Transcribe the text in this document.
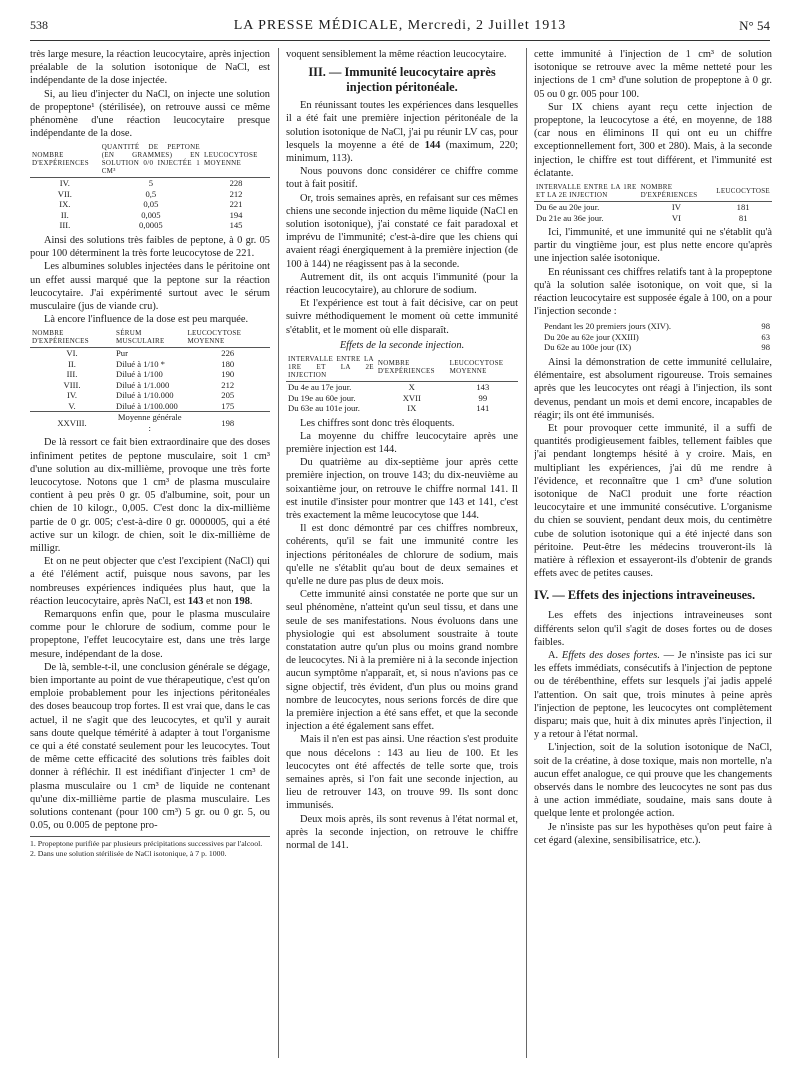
538	LA PRESSE MÉDICALE, Mercredi, 2 Juillet 1913	N° 54

très large mesure, la réaction leucocytaire, après injection préalable de la solution isotonique de NaCl, est indépendante de la dose injectée.

Si, au lieu d'injecter du NaCl, on injecte une solution de propeptone¹ (stérilisée), on retrouve aussi ce même phénomène d'une réaction leucocytaire presque indépendante de la dose.

NOMBRE D'EXPÉRIENCES	QUANTITÉ DE PEPTONE (EN GRAMMES) EN SOLUTION 0/0 INJECTÉE 1 CM³	LEUCOCYTOSE MOYENNE
IV.	5	228
VII.	0,5	212
IX.	0,05	221
II.	0,005	194
III.	0,0005	145

Ainsi des solutions très faibles de peptone, à 0 gr. 05 pour 100 déterminent la très forte leucocytose de 221.

Les albumines solubles injectées dans le péritoine ont un effet aussi marqué que la peptone sur la réaction leucocytaire. J'ai expérimenté surtout avec le sérum musculaire (jus de viande cru).

Là encore l'influence de la dose est peu marquée.

NOMBRE D'EXPÉRIENCES	SÉRUM MUSCULAIRE	LEUCOCYTOSE MOYENNE
VI.	Pur	226
II.	Dilué à 1/10 *	180
III.	Dilué à 1/100	190
VIII.	Dilué à 1/1.000	212
IV.	Dilué à 1/10.000	205
V.	Dilué à 1/100.000	175
XXVIII.	Moyenne générale :	198

De là ressort ce fait bien extraordinaire que des doses infiniment petites de peptone musculaire, soit 1 cm³ d'une solution au dix-millième, provoque une très forte leucocytose. Notons que 1 cm³ de plasma musculaire contient à peu près 0 gr. 05 d'albumine, soit, pour un chien de 10 kilogr., 0,005. C'est donc la dix-millième partie de 0 gr. 005; c'est-à-dire 0 gr. 0000005, qui a été active sur un kilogr. de chien, soit le dix-millième de milligr.

Et on ne peut objecter que c'est l'excipient (NaCl) qui a été l'élément actif, puisque nous savons, par les nombreuses expériences indiquées plus haut, que la réaction leucocytaire, après NaCl, est 143 et non 198.

Remarquons enfin que, pour le plasma musculaire comme pour le chlorure de sodium, comme pour le propeptone, l'effet leucocytaire est, dans une très large mesure, indépendant de la dose.

De là, semble-t-il, une conclusion générale se dégage, bien importante au point de vue thérapeutique, c'est qu'on emploie probablement pour les injections péritonéales des doses beaucoup trop fortes. Il est vrai que, dans le cas actuel, il ne s'agit que des leucocytes, et qu'il y aurait sans doute quelque témérité à adapter à tout l'organisme ce qui a été constaté seulement pour les leucocytes. Tout de même cette efficacité des solutions très faibles doit donner à réfléchir. Il est inédifiant d'injecter 1 cm³ de plasma musculaire ou 1 cm³ de liquide ne contenant qu'une dix-millième partie de plasma musculaire. Les solutions contenant (pour 100 cm³) 5 gr. ou 0 gr. 5, ou 0.05, ou 0.005 de peptone pro-

1. Propeptone purifiée par plusieurs précipitations successives par l'alcool.
2. Dans une solution stérilisée de NaCl isotonique, à 7 p. 1000.

voquent sensiblement la même réaction leucocytaire.

III. — Immunité leucocytaire après injection péritonéale.

En réunissant toutes les expériences dans lesquelles il a été fait une première injection péritonéale de la solution isotonique de NaCl, j'ai pu réunir LV cas, pour lesquels la moyenne a été de 144 (maximum, 220; minimum, 113).

Nous pouvons donc considérer ce chiffre comme tout à fait positif.

Or, trois semaines après, en refaisant sur ces mêmes chiens une seconde injection du même liquide (NaCl en solution isotonique), j'ai constaté ce fait paradoxal et imprévu de l'immunité; c'est-à-dire que les chiens qui avaient réagi énergiquement à la première injection (de 100 à 144) ne réagissent pas à la seconde.

Autrement dit, ils ont acquis l'immunité (pour la réaction leucocytaire), au chlorure de sodium.

Et l'expérience est tout à fait décisive, car on peut suivre méthodiquement le moment où cette immunité s'établit, et le moment où elle disparaît.

Effets de la seconde injection.
INTERVALLE ENTRE LA 1RE ET LA 2E INJECTION	NOMBRE D'EXPÉRIENCES	LEUCOCYTOSE MOYENNE
Du 4e au 17e jour.	X	143
Du 19e au 60e jour.	XVII	99
Du 63e au 101e jour.	IX	141

Les chiffres sont donc très éloquents.

La moyenne du chiffre leucocytaire après une première injection est 144.

Du quatrième au dix-septième jour après cette première injection, on trouve 143; du dix-neuvième au soixantième jour, on retrouve le chiffre normal 141. Il est inutile d'insister pour montrer que 143 et 141, c'est très exactement la même leucocytose que 144.

Il est donc démontré par ces chiffres nombreux, cohérents, qu'il se fait une immunité contre les injections péritonéales de chlorure de sodium, mais qu'elle ne s'établit qu'au bout de deux semaines et qu'elle ne dure pas plus de deux mois.

Cette immunité ainsi constatée ne porte que sur un seul phénomène, n'atteint qu'un seul tissu, et dans une seule de ses manifestations. Nous évoluons dans une physiologie qui est absolument soustraite à toute constatation autre qu'un plus ou moins grand nombre de leucocytes. Ni à la première ni à la seconde injection aucun symptôme n'apparaît, et, si nous n'avions pas ce signe objectif, très évident, d'un plus ou moins grand nombre de leucocytes, nous serions forcés de dire que la première injection a été sans effet, et que la seconde injection a été également sans effet.

Mais il n'en est pas ainsi. Une réaction s'est produite que nous décelons : 143 au lieu de 100. Et les leucocytes ont été affectés de telle sorte que, trois semaines après, si l'on fait une seconde injection, au lieu de retrouver 143, on trouve 99. Ils sont donc immunisés.

Deux mois après, ils sont revenus à l'état normal et, après la seconde injection, on retrouve le chiffre normal de 141.

cette immunité à l'injection de 1 cm³ de solution isotonique se retrouve avec la même netteté pour les injections de 1 cm³ d'une solution de propeptone à 0 gr. 05 ou 0 gr. 005 pour 100.

Sur IX chiens ayant reçu cette injection de propeptone, la leucocytose a été, en moyenne, de 188 (car nous en éliminons II qui ont eu un chiffre exceptionnellement fort, 300 et 280). Mais, à la seconde injection, le chiffre est tout différent, et l'immunité est éclatante.

INTERVALLE ENTRE LA 1RE ET LA 2E INJECTION	NOMBRE D'EXPÉRIENCES	LEUCOCYTOSE
Du 6e au 20e jour.	IV	181
Du 21e au 36e jour.	VI	81

Ici, l'immunité, et une immunité qui ne s'établit qu'à partir du vingtième jour, est plus nette encore qu'après une injection salée isotonique.

En réunissant ces chiffres relatifs tant à la propeptone qu'à la solution salée isotonique, on voit que, si la réaction leucocytaire est supposée égale à 100, on a pour l'injection seconde :

Pendant les 20 premiers jours (XIV).	98
Du 20e au 62e jour (XXIII)	63
Du 62e au 100e jour (IX)	98

Ainsi la démonstration de cette immunité cellulaire, élémentaire, est absolument rigoureuse. Trois semaines après que les leucocytes ont réagi à l'injection, ils sont devenus, pendant un mois et demi encore, incapables de réagir; ils ont été immunisés.

Et pour provoquer cette immunité, il a suffi de quantités prodigieusement faibles, tellement faibles que j'ai pendant longtemps hésité à y croire. Mais, en multipliant les expériences, j'ai dû me rendre à l'évidence, et reconnaître que 1 cm³ d'une solution isotonique de NaCl produit une forte réaction leucocytaire et une immunité consécutive. L'organisme du chien se souvient, pendant deux mois, du centimètre cube de solution isotonique qui a été injecté dans son péritoine. Peut-être les médecins trouveront-ils là matière à réflexion et essayeront-ils d'obtenir de grands effets avec de petites causes.

IV. — Effets des injections intraveineuses.

Les effets des injections intraveineuses sont différents selon qu'il s'agit de doses fortes ou de doses faibles.

A. Effets des doses fortes. — Je n'insiste pas ici sur les effets immédiats, consécutifs à l'injection de peptone ou de térébenthine, effets sur lesquels j'ai jadis appelé l'attention. On sait que, trois minutes à peine après l'injection de peptone, les leucocytes ont complètement disparu; mais que, huit à dix minutes après l'injection, il y a retour à l'état normal.

L'injection, soit de la solution isotonique de NaCl, soit de la créatine, à dose toxique, mais non mortelle, n'a aucun effet analogue, ce qui prouve que les changements observés dans le nombre des leucocytes ne sont pas dus à une action immédiate, soudaine, mais sans doute à quelque lente et prolongée action.

Je n'insiste pas sur les hypothèses qu'on peut faire à cet égard (alexine, sensibilisatrice, etc.).
